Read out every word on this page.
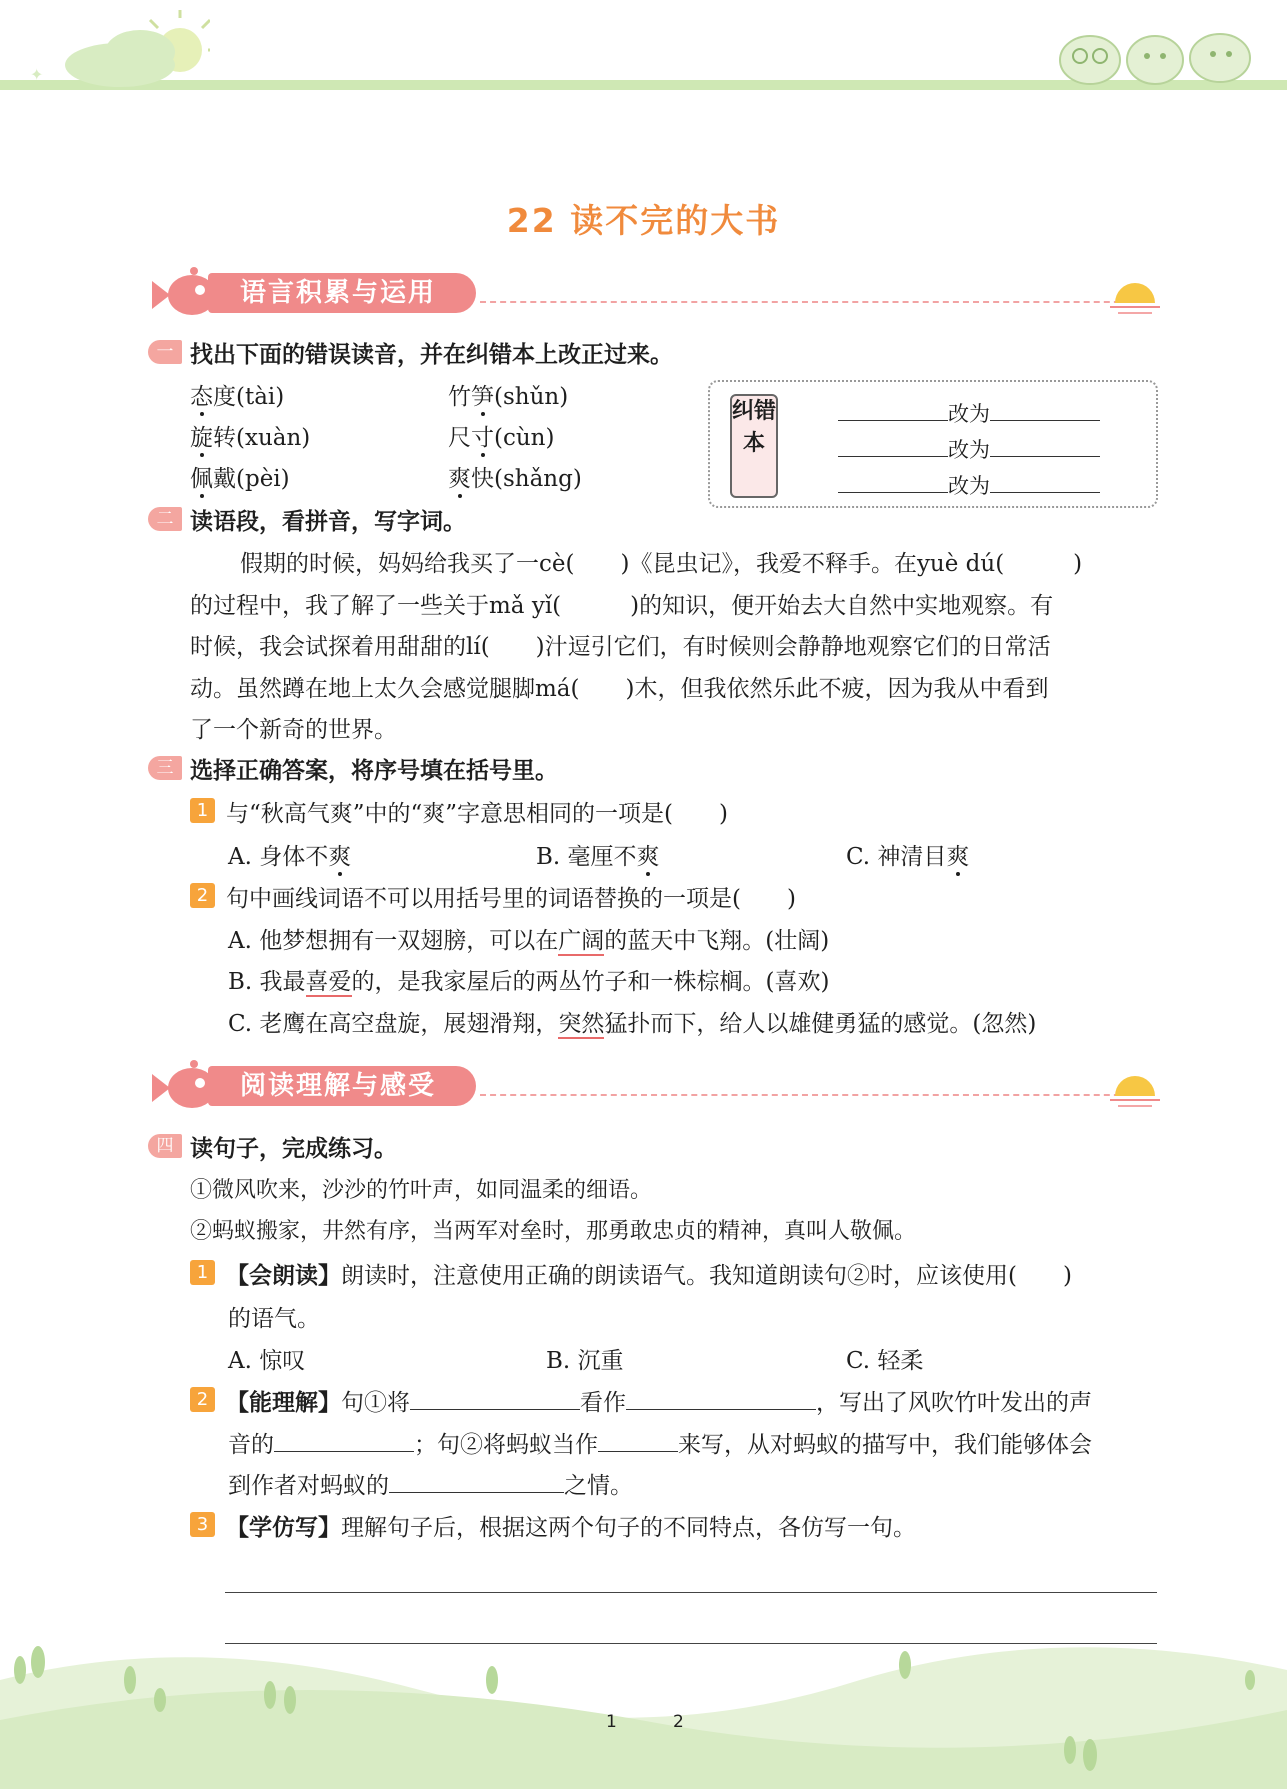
✦
22 读不完的大书
语言积累与运用
一 找出下面的错误读音，并在纠错本上改正过来。
态度(tài)	竹笋(shǔn)
旋转(xuàn)	尺寸(cùn)
佩戴(pèi)	爽快(shǎng)
纠错本
改为
改为
改为
二 读语段，看拼音，写字词。
假期的时候，妈妈给我买了一cè(　　)《昆虫记》，我爱不释手。在yuè dú(　　　)
的过程中，我了解了一些关于mǎ yǐ(　　　)的知识，便开始去大自然中实地观察。有
时候，我会试探着用甜甜的lí(　　)汁逗引它们，有时候则会静静地观察它们的日常活
动。虽然蹲在地上太久会感觉腿脚má(　　)木，但我依然乐此不疲，因为我从中看到
了一个新奇的世界。
三 选择正确答案，将序号填在括号里。
1 与“秋高气爽”中的“爽”字意思相同的一项是(　　)
A. 身体不爽	B. 毫厘不爽	C. 神清目爽
2 句中画线词语不可以用括号里的词语替换的一项是(　　)
A. 他梦想拥有一双翅膀，可以在广阔的蓝天中飞翔。(壮阔)
B. 我最喜爱的，是我家屋后的两丛竹子和一株棕榈。(喜欢)
C. 老鹰在高空盘旋，展翅滑翔，突然猛扑而下，给人以雄健勇猛的感觉。(忽然)
阅读理解与感受
四 读句子，完成练习。
①微风吹来，沙沙的竹叶声，如同温柔的细语。
②蚂蚁搬家，井然有序，当两军对垒时，那勇敢忠贞的精神，真叫人敬佩。
1 【会朗读】朗读时，注意使用正确的朗读语气。我知道朗读句②时，应该使用(　　)
的语气。
A. 惊叹	B. 沉重	C. 轻柔
2 【能理解】句①将	看作	，写出了风吹竹叶发出的声
音的	；句②将蚂蚁当作	来写，从对蚂蚁的描写中，我们能够体会
到作者对蚂蚁的	之情。
3 【学仿写】理解句子后，根据这两个句子的不同特点，各仿写一句。
1	2
